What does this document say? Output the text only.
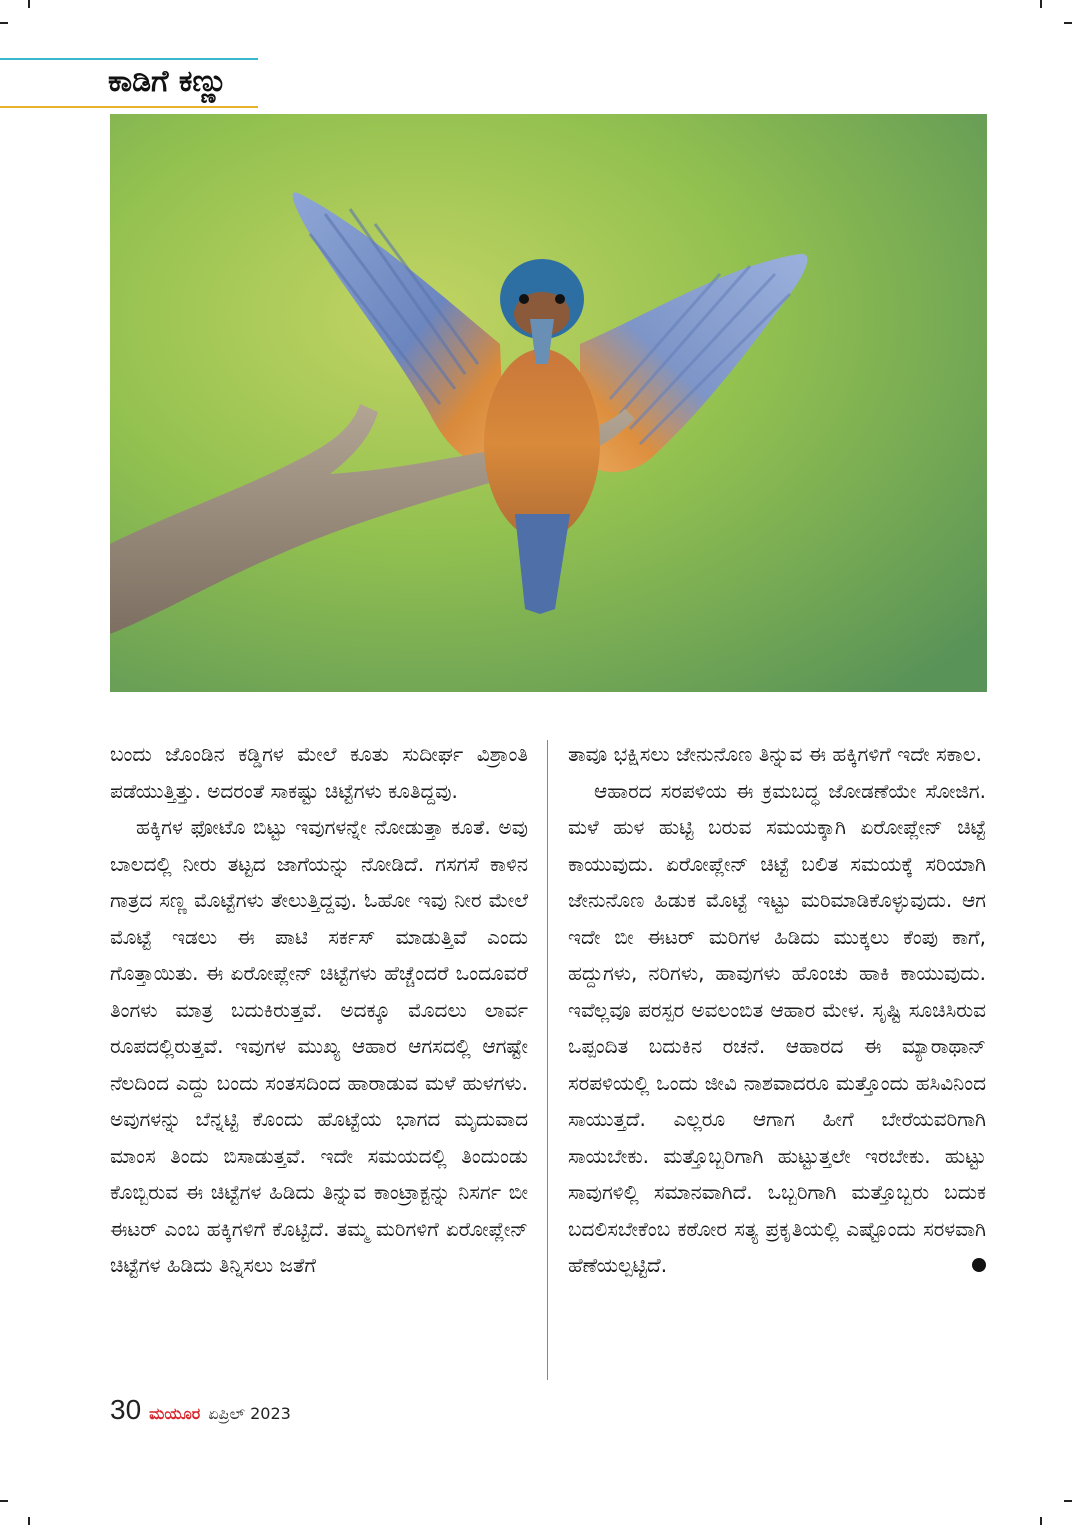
ಕಾಡಿಗೆ ಕಣ್ಣು

ಬಂದು ಜೊಂಡಿನ ಕಡ್ಡಿಗಳ ಮೇಲೆ ಕೂತು ಸುದೀರ್ಘ ವಿಶ್ರಾಂತಿ ಪಡೆಯುತ್ತಿತ್ತು. ಅದರಂತೆ ಸಾಕಷ್ಟು ಚಿಟ್ಟೆಗಳು ಕೂತಿದ್ದವು.

ಹಕ್ಕಿಗಳ ಫೋಟೊ ಬಿಟ್ಟು ಇವುಗಳನ್ನೇ ನೋಡುತ್ತಾ ಕೂತೆ. ಅವು ಬಾಲದಲ್ಲಿ ನೀರು ತಟ್ಟದ ಜಾಗೆಯನ್ನು ನೋಡಿದೆ. ಗಸಗಸೆ ಕಾಳಿನ ಗಾತ್ರದ ಸಣ್ಣ ಮೊಟ್ಟೆಗಳು ತೇಲುತ್ತಿದ್ದವು. ಓಹೋ ಇವು ನೀರ ಮೇಲೆ ಮೊಟ್ಟೆ ಇಡಲು ಈ ಪಾಟಿ ಸರ್ಕಸ್ ಮಾಡುತ್ತಿವೆ ಎಂದು ಗೊತ್ತಾಯಿತು. ಈ ಏರೋಪ್ಲೇನ್ ಚಿಟ್ಟೆಗಳು ಹೆಚ್ಚೆಂದರೆ ಒಂದೂವರೆ ತಿಂಗಳು ಮಾತ್ರ ಬದುಕಿರುತ್ತವೆ. ಅದಕ್ಕೂ ಮೊದಲು ಲಾರ್ವ ರೂಪದಲ್ಲಿರುತ್ತವೆ. ಇವುಗಳ ಮುಖ್ಯ ಆಹಾರ ಆಗಸದಲ್ಲಿ ಆಗಷ್ಟೇ ನೆಲದಿಂದ ಎದ್ದು ಬಂದು ಸಂತಸದಿಂದ ಹಾರಾಡುವ ಮಳೆ ಹುಳಗಳು. ಅವುಗಳನ್ನು ಬೆನ್ನಟ್ಟಿ ಕೊಂದು ಹೊಟ್ಟೆಯ ಭಾಗದ ಮೃದುವಾದ ಮಾಂಸ ತಿಂದು ಬಿಸಾಡುತ್ತವೆ. ಇದೇ ಸಮಯದಲ್ಲಿ ತಿಂದುಂಡು ಕೊಬ್ಬಿರುವ ಈ ಚಿಟ್ಟೆಗಳ ಹಿಡಿದು ತಿನ್ನುವ ಕಾಂಟ್ರಾಕ್ಟನ್ನು ನಿಸರ್ಗ ಬೀ ಈಟರ್ ಎಂಬ ಹಕ್ಕಿಗಳಿಗೆ ಕೊಟ್ಟಿದೆ. ತಮ್ಮ ಮರಿಗಳಿಗೆ ಏರೋಪ್ಲೇನ್ ಚಿಟ್ಟೆಗಳ ಹಿಡಿದು ತಿನ್ನಿಸಲು ಜತೆಗೆ

ತಾವೂ ಭಕ್ಷಿಸಲು ಜೇನುನೊಣ ತಿನ್ನುವ ಈ ಹಕ್ಕಿಗಳಿಗೆ ಇದೇ ಸಕಾಲ.

ಆಹಾರದ ಸರಪಳಿಯ ಈ ಕ್ರಮಬದ್ಧ ಜೋಡಣೆಯೇ ಸೋಜಿಗ. ಮಳೆ ಹುಳ ಹುಟ್ಟಿ ಬರುವ ಸಮಯಕ್ಕಾಗಿ ಏರೋಪ್ಲೇನ್ ಚಿಟ್ಟೆ ಕಾಯುವುದು. ಏರೋಪ್ಲೇನ್ ಚಿಟ್ಟೆ ಬಲಿತ ಸಮಯಕ್ಕೆ ಸರಿಯಾಗಿ ಜೇನುನೊಣ ಹಿಡುಕ ಮೊಟ್ಟೆ ಇಟ್ಟು ಮರಿಮಾಡಿಕೊಳ್ಳುವುದು. ಆಗ ಇದೇ ಬೀ ಈಟರ್ ಮರಿಗಳ ಹಿಡಿದು ಮುಕ್ಕಲು ಕೆಂಪು ಕಾಗೆ, ಹದ್ದುಗಳು, ನರಿಗಳು, ಹಾವುಗಳು ಹೊಂಚು ಹಾಕಿ ಕಾಯುವುದು. ಇವೆಲ್ಲವೂ ಪರಸ್ಪರ ಅವಲಂಬಿತ ಆಹಾರ ಮೇಳ. ಸೃಷ್ಟಿ ಸೂಚಿಸಿರುವ ಒಪ್ಪಂದಿತ ಬದುಕಿನ ರಚನೆ. ಆಹಾರದ ಈ ಮ್ಯಾರಾಥಾನ್ ಸರಪಳಿಯಲ್ಲಿ ಒಂದು ಜೀವಿ ನಾಶವಾದರೂ ಮತ್ತೊಂದು ಹಸಿವಿನಿಂದ ಸಾಯುತ್ತದೆ. ಎಲ್ಲರೂ ಆಗಾಗ ಹೀಗೆ ಬೇರೆಯವರಿಗಾಗಿ ಸಾಯಬೇಕು. ಮತ್ತೊಬ್ಬರಿಗಾಗಿ ಹುಟ್ಟುತ್ತಲೇ ಇರಬೇಕು. ಹುಟ್ಟು ಸಾವುಗಳಿಲ್ಲಿ ಸಮಾನವಾಗಿದೆ. ಒಬ್ಬರಿಗಾಗಿ ಮತ್ತೊಬ್ಬರು ಬದುಕ ಬದಲಿಸಬೇಕೆಂಬ ಕಠೋರ ಸತ್ಯ ಪ್ರಕೃತಿಯಲ್ಲಿ ಎಷ್ಟೊಂದು ಸರಳವಾಗಿ ಹೆಣೆಯಲ್ಪಟ್ಟಿದೆ.

30 ಮಯೂರ ಏಪ್ರಿಲ್ 2023
